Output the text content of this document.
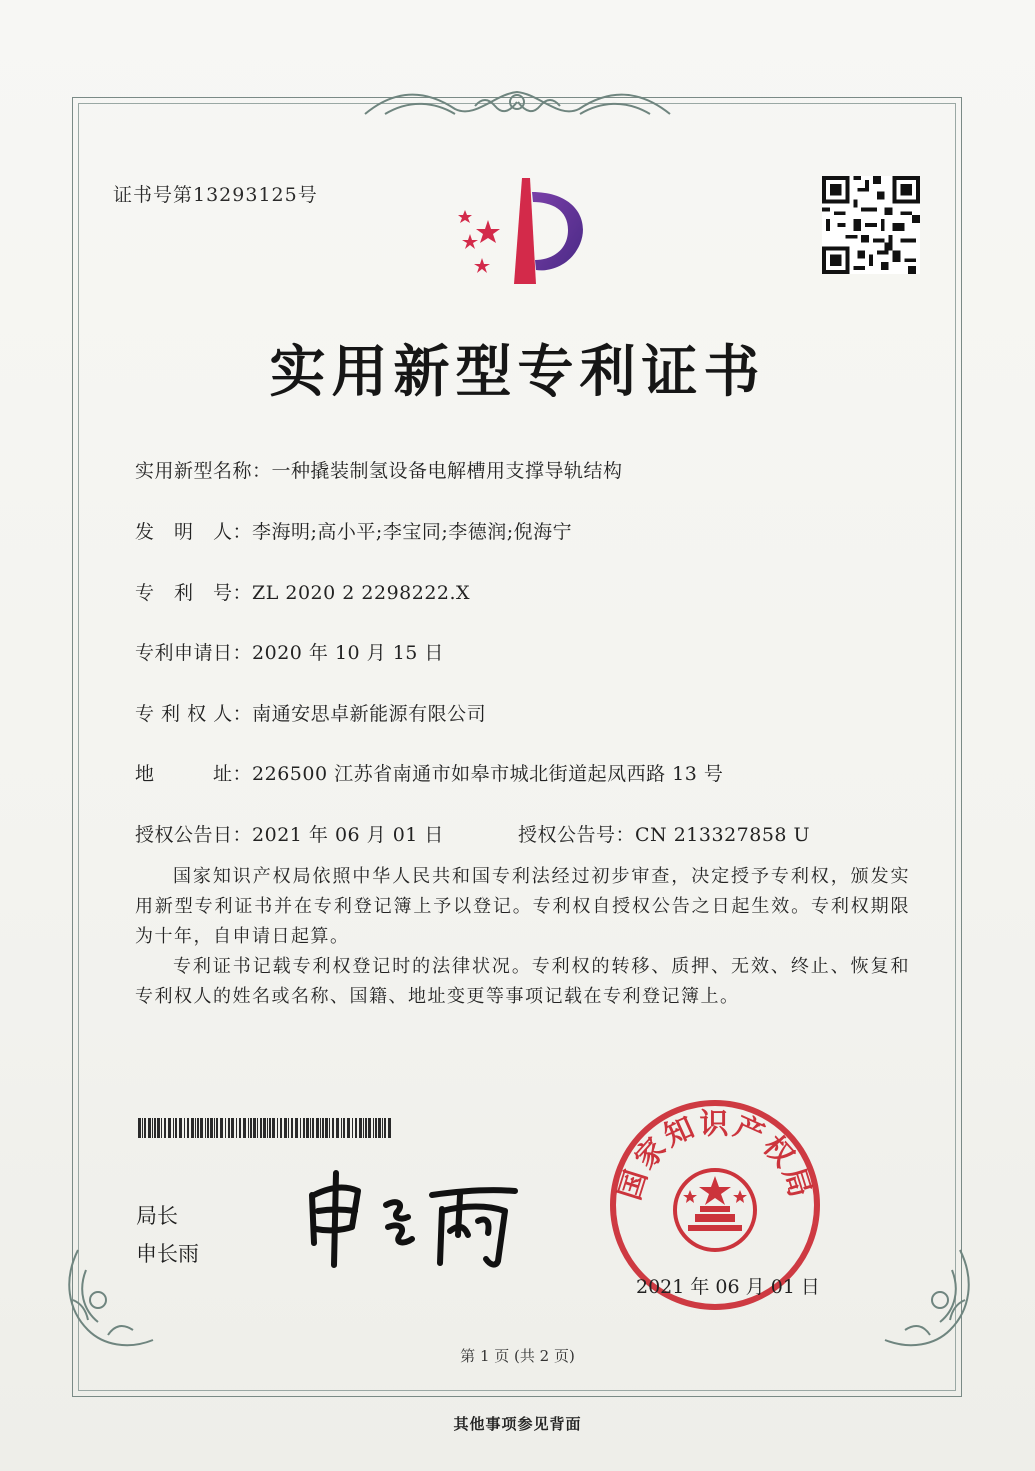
证书号第13293125号
实用新型专利证书
实用新型名称：一种撬装制氢设备电解槽用支撑导轨结构
发　明　人：李海明;高小平;李宝同;李德润;倪海宁
专　利　号：ZL 2020 2 2298222.X
专利申请日：2020 年 10 月 15 日
专 利 权 人：南通安思卓新能源有限公司
地　　　址：226500 江苏省南通市如皋市城北街道起凤西路 13 号
授权公告日：2021 年 06 月 01 日	授权公告号：CN 213327858 U
国家知识产权局依照中华人民共和国专利法经过初步审查，决定授予专利权，颁发实用新型专利证书并在专利登记簿上予以登记。专利权自授权公告之日起生效。专利权期限为十年，自申请日起算。
专利证书记载专利权登记时的法律状况。专利权的转移、质押、无效、终止、恢复和专利权人的姓名或名称、国籍、地址变更等事项记载在专利登记簿上。
局长
申长雨
国家知识产权局
2021 年 06 月 01 日
第 1 页 (共 2 页)
其他事项参见背面
